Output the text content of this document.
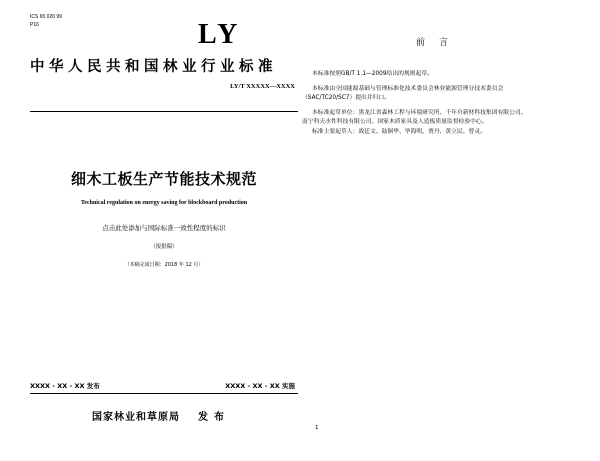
ICS 65 020 99
P16	LY
中华人民共和国林业行业标准
LY/T XXXXX—XXXX
细木工板生产节能技术规范
Technical regulation on energy saving for blockboard production
点击此处添加与国际标准一致性程度的标识
（报批稿）
（本稿完成日期：2018 年 12 月）
XXXX - XX - XX 发布	XXXX - XX - XX 实施
国家林业和草原局 发布
前言
本标准按照GB/T 1.1—2009给出的规则起草。
本标准由全国能源基础与管理标准化技术委员会林业能源管理分技术委员会
（SAC/TC20/SC7）提出并归口。
本标准起草单位：黑龙江省森林工程与环境研究所、千年舟新材科技集团有限公司、
南宁科天水性科技有限公司、国家木质家具及人造板质量监督检验中心。
标准主要起草人：战廷文、陆铜华、毕海明、贾丹、黄立民、曾灵。
1
